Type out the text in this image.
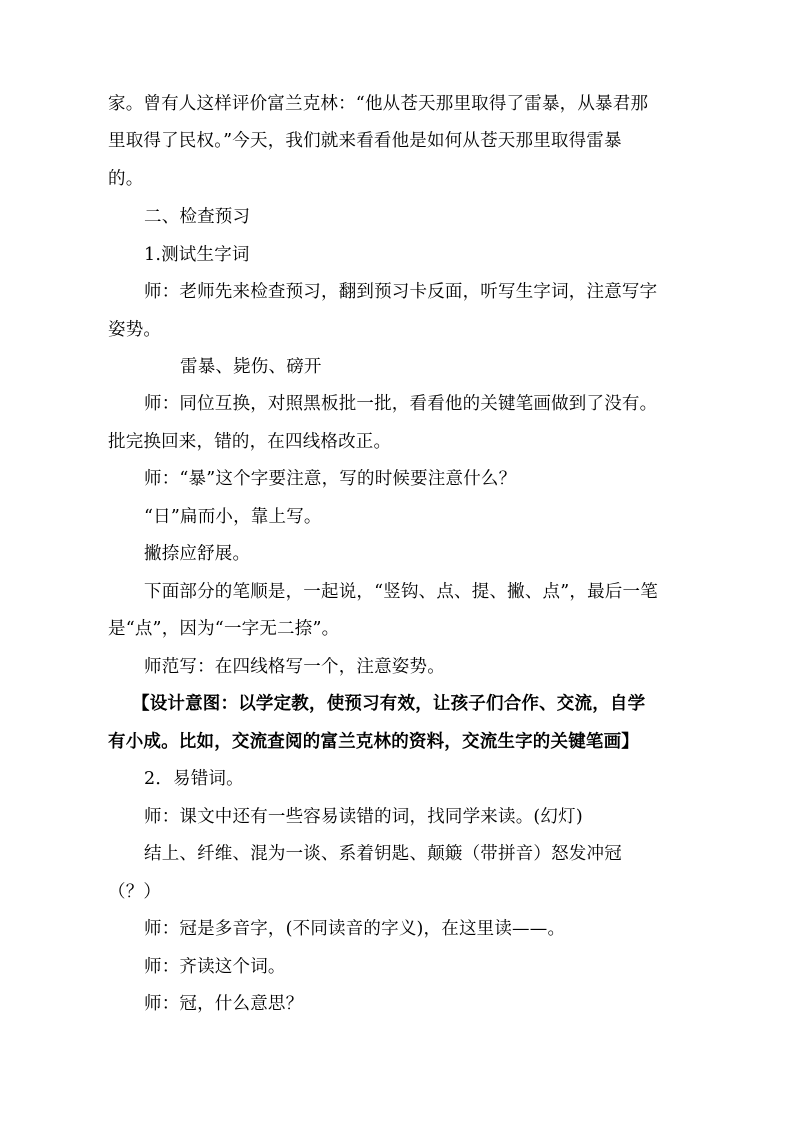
家。曾有人这样评价富兰克林：“他从苍天那里取得了雷暴，从暴君那
里取得了民权。”今天，我们就来看看他是如何从苍天那里取得雷暴
的。
二、检查预习
1.测试生字词
师：老师先来检查预习，翻到预习卡反面，听写生字词，注意写字
姿势。
雷暴、毙伤、磅开
师：同位互换，对照黑板批一批，看看他的关键笔画做到了没有。
批完换回来，错的，在四线格改正。
师：“暴”这个字要注意，写的时候要注意什么？
“日”扁而小，靠上写。
撇捺应舒展。
下面部分的笔顺是，一起说，“竖钩、点、提、撇、点”，最后一笔
是“点”，因为“一字无二捺”。
师范写：在四线格写一个，注意姿势。
【设计意图：以学定教，使预习有效，让孩子们合作、交流，自学
有小成。比如，交流查阅的富兰克林的资料，交流生字的关键笔画】
2．易错词。
师：课文中还有一些容易读错的词，找同学来读。(幻灯)
结上、纤维、混为一谈、系着钥匙、颠簸（带拼音）怒发冲冠
（？）
师：冠是多音字，(不同读音的字义)，在这里读——。
师：齐读这个词。
师：冠，什么意思？
